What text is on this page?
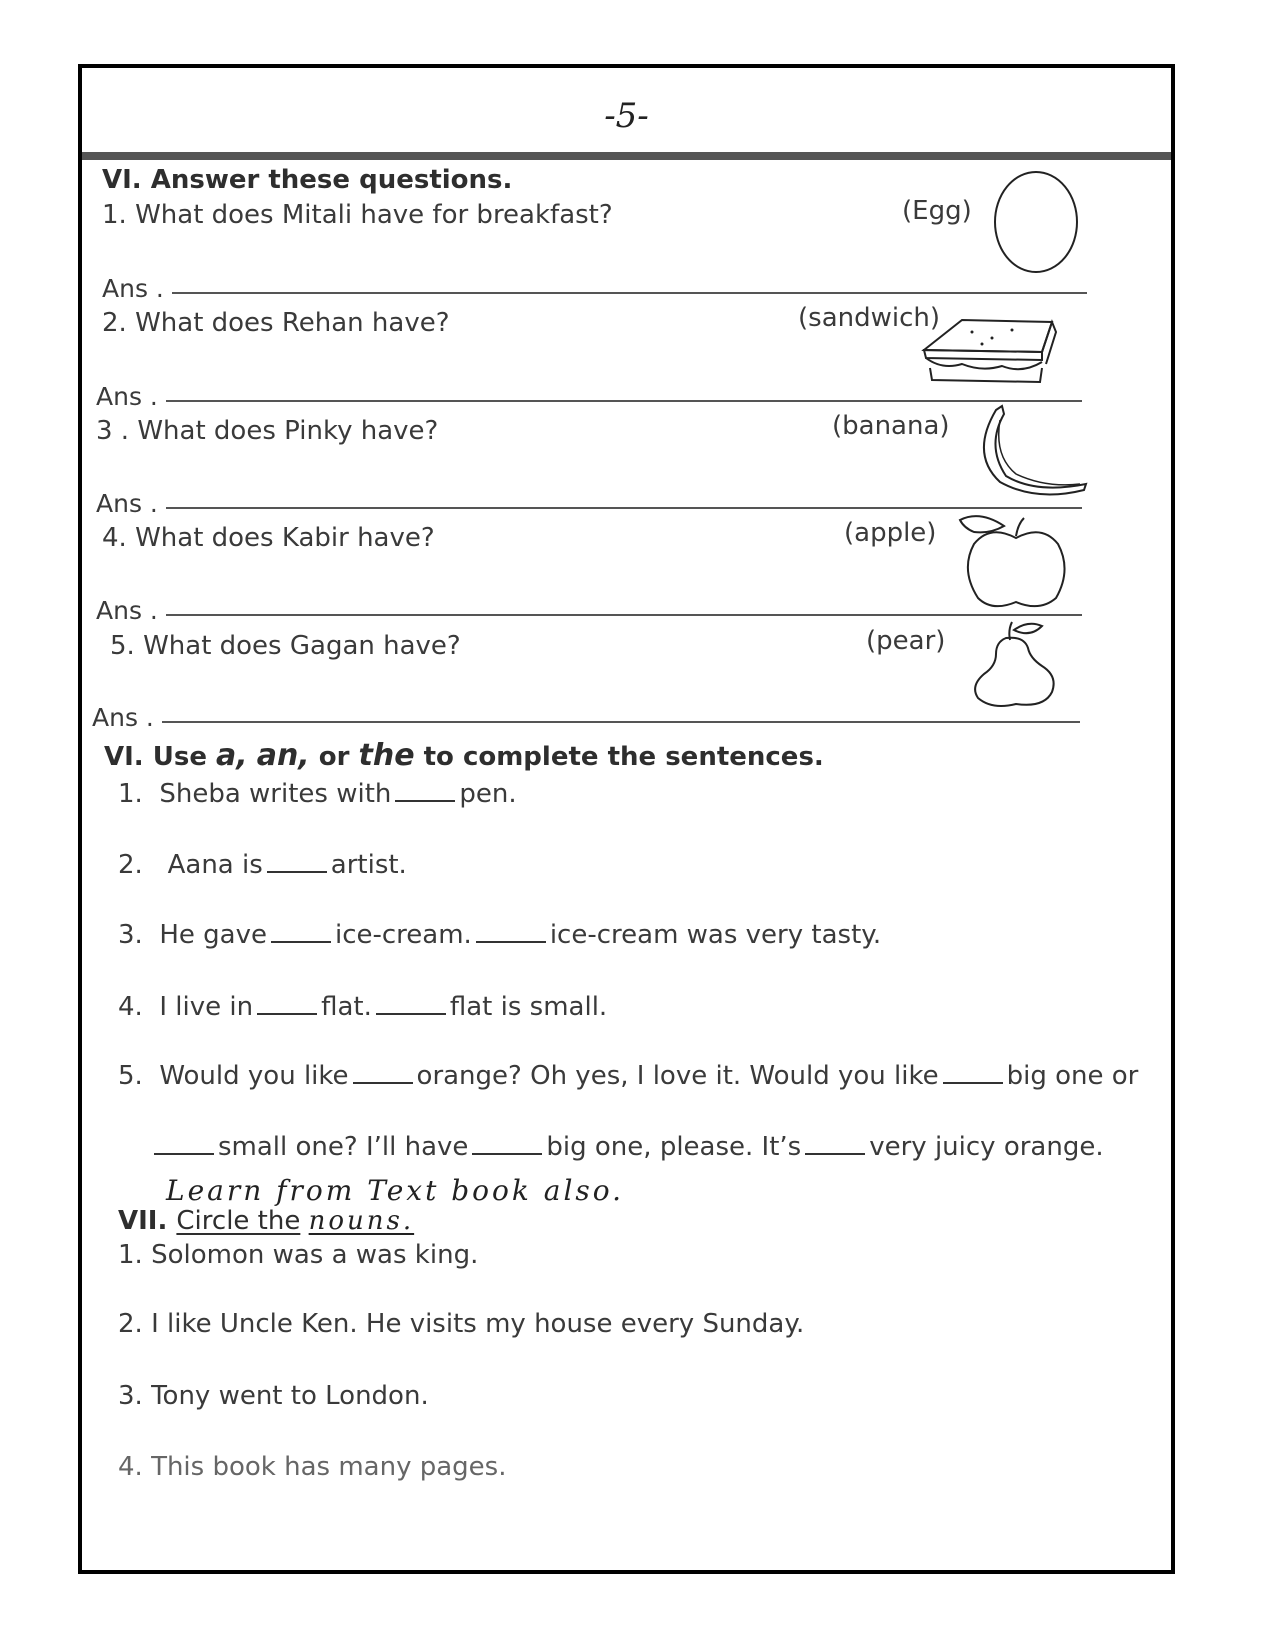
-5-
VI. Answer these questions.
1. What does Mitali have for breakfast?	(Egg)
Ans .
2. What does Rehan have?	(sandwich)
Ans .
3 . What does Pinky have?	(banana)
Ans .
4. What does Kabir have?	(apple)
Ans .
5. What does Gagan have?	(pear)
Ans .
VI. Use a, an, or the to complete the sentences.
1. Sheba writes with	pen.
2. Aana is	artist.
3. He gave	ice-cream.	ice-cream was very tasty.
4. I live in	flat.	flat is small.
5. Would you like	orange? Oh yes, I love it. Would you like	big one or
small one? I’ll have	big one, please. It’s	very juicy orange.
Learn from Text book also.
VII. Circle the nouns.
1. Solomon was a was king.
2. I like Uncle Ken. He visits my house every Sunday.
3. Tony went to London.
4. This book has many pages.
